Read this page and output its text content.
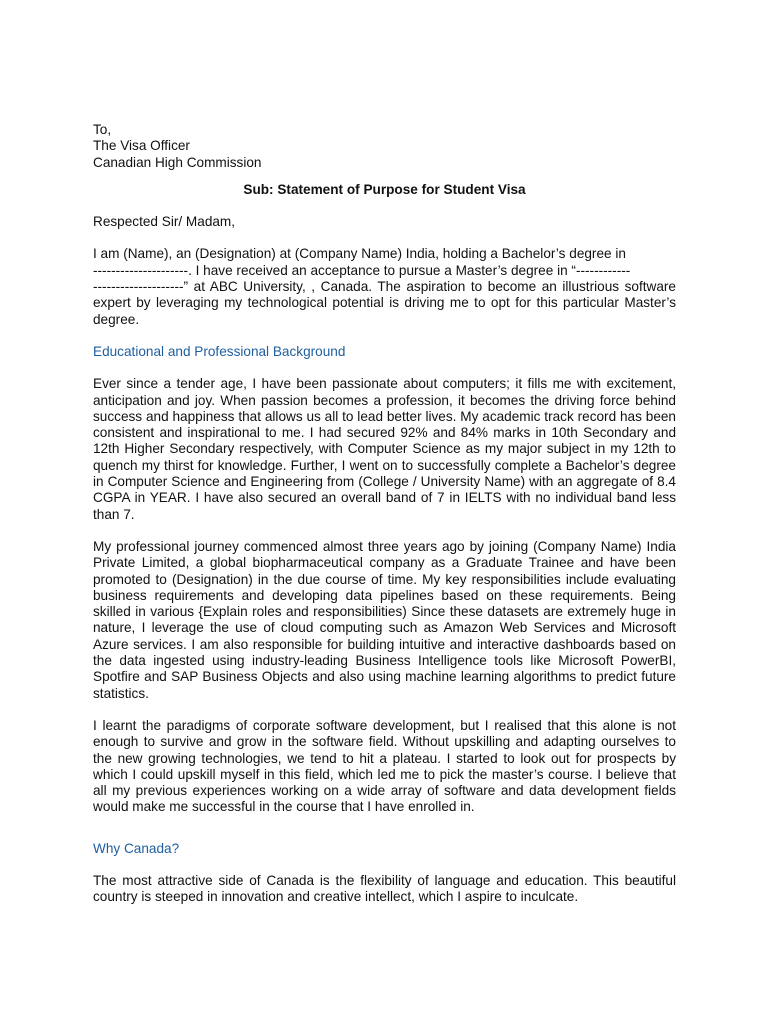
To,
The Visa Officer
Canadian High Commission
Sub: Statement of Purpose for Student Visa
Respected Sir/ Madam,

I am (Name), an (Designation) at (Company Name) India, holding a Bachelor’s degree in
---------------------. I have received an acceptance to pursue a Master’s degree in “------------
--------------------” at ABC University, , Canada. The aspiration to become an illustrious software expert by leveraging my technological potential is driving me to opt for this particular Master’s degree.

Educational and Professional Background

Ever since a tender age, I have been passionate about computers; it fills me with excitement, anticipation and joy. When passion becomes a profession, it becomes the driving force behind success and happiness that allows us all to lead better lives. My academic track record has been consistent and inspirational to me. I had secured 92% and 84% marks in 10th Secondary and 12th Higher Secondary respectively, with Computer Science as my major subject in my 12th to quench my thirst for knowledge. Further, I went on to successfully complete a Bachelor’s degree in Computer Science and Engineering from (College / University Name) with an aggregate of 8.4 CGPA in YEAR. I have also secured an overall band of 7 in IELTS with no individual band less than 7.

My professional journey commenced almost three years ago by joining (Company Name) India Private Limited, a global biopharmaceutical company as a Graduate Trainee and have been promoted to (Designation) in the due course of time. My key responsibilities include evaluating business requirements and developing data pipelines based on these requirements. Being skilled in various {Explain roles and responsibilities) Since these datasets are extremely huge in nature, I leverage the use of cloud computing such as Amazon Web Services and Microsoft Azure services. I am also responsible for building intuitive and interactive dashboards based on the data ingested using industry-leading Business Intelligence tools like Microsoft PowerBI, Spotfire and SAP Business Objects and also using machine learning algorithms to predict future statistics.

I learnt the paradigms of corporate software development, but I realised that this alone is not enough to survive and grow in the software field. Without upskilling and adapting ourselves to the new growing technologies, we tend to hit a plateau. I started to look out for prospects by which I could upskill myself in this field, which led me to pick the master’s course. I believe that all my previous experiences working on a wide array of software and data development fields would make me successful in the course that I have enrolled in.

Why Canada?

The most attractive side of Canada is the flexibility of language and education. This beautiful country is steeped in innovation and creative intellect, which I aspire to inculcate.
